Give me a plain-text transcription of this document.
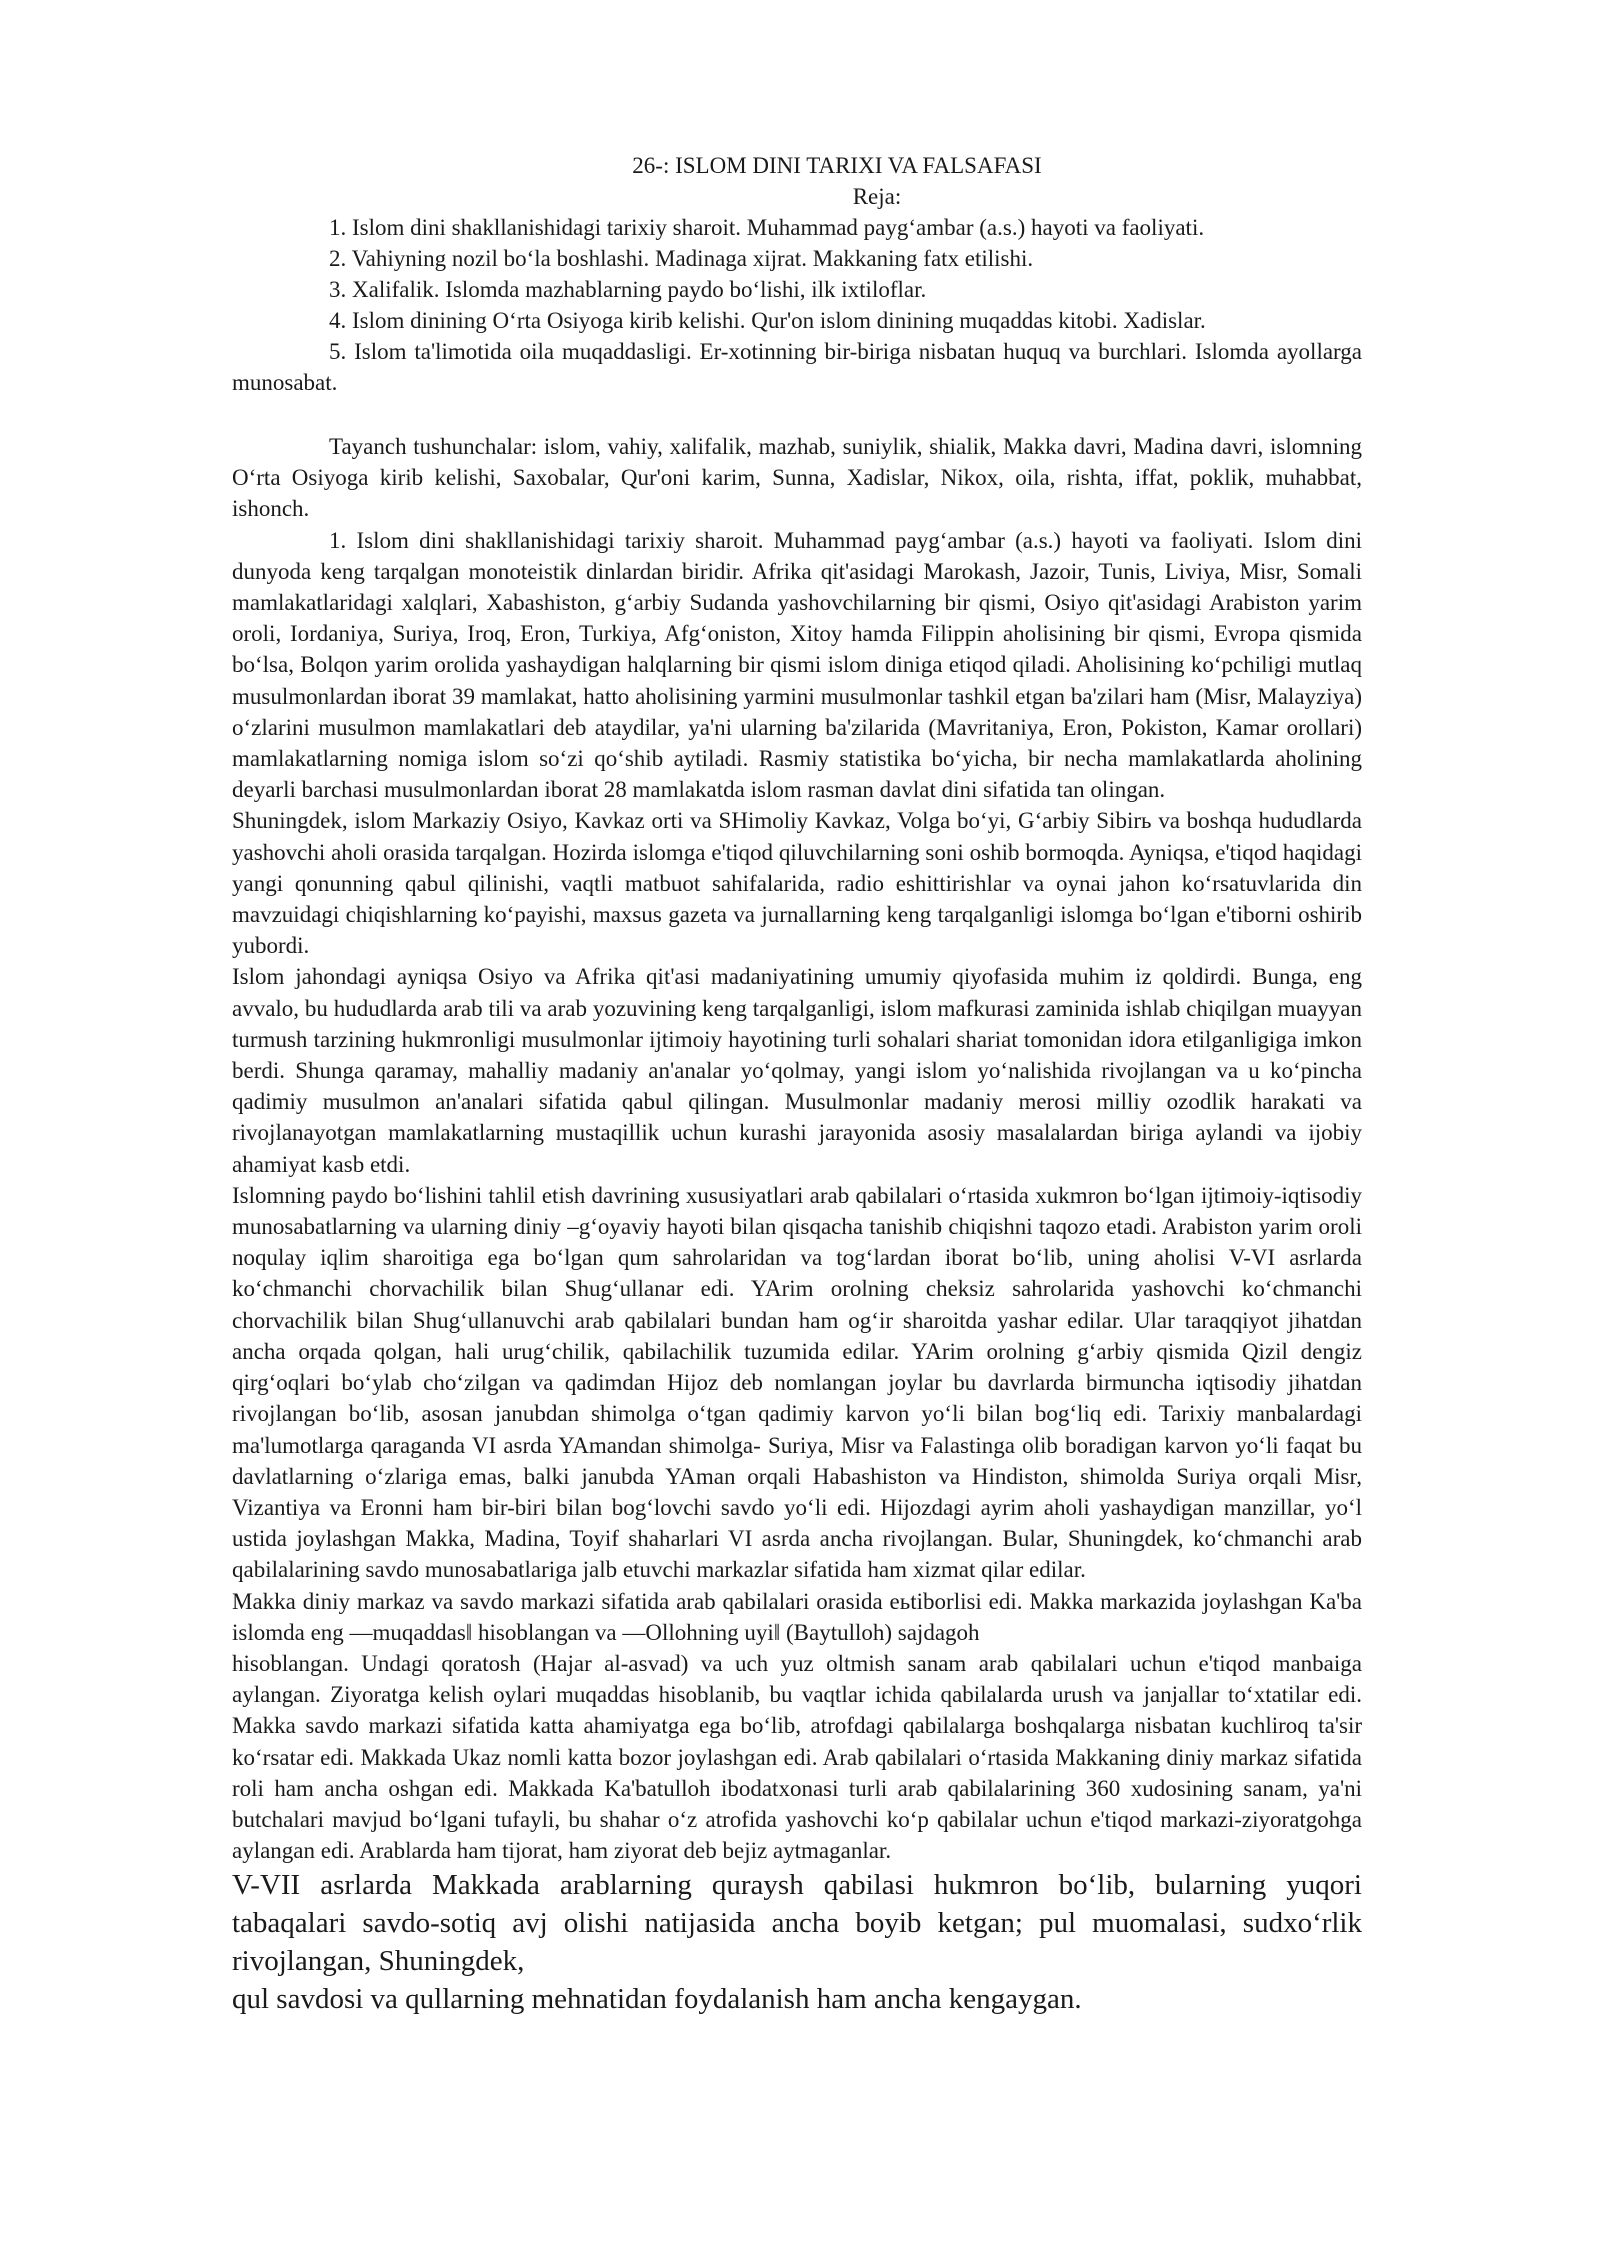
26-: ISLOM DINI TARIXI VA FALSAFASI

Reja:

1. Islom dini shakllanishidagi tarixiy sharoit. Muhammad payg‘ambar (a.s.) hayoti va faoliyati.

2. Vahiyning nozil bo‘la boshlashi. Madinaga xijrat. Makkaning fatx etilishi.

3. Xalifalik. Islomda mazhablarning paydo bo‘lishi, ilk ixtiloflar.

4. Islom dinining O‘rta Osiyoga kirib kelishi. Qur'on islom dinining muqaddas kitobi. Xadislar.

5. Islom ta'limotida oila muqaddasligi. Er-xotinning bir-biriga nisbatan huquq va burchlari. Islomda ayollarga munosabat.

Tayanch tushunchalar: islom, vahiy, xalifalik, mazhab, suniylik, shialik, Makka davri, Madina davri, islomning O‘rta Osiyoga kirib kelishi, Saxobalar, Qur'oni karim, Sunna, Xadislar, Nikox, oila, rishta, iffat, poklik, muhabbat, ishonch.

1. Islom dini shakllanishidagi tarixiy sharoit. Muhammad payg‘ambar (a.s.) hayoti va faoliyati. Islom dini dunyoda keng tarqalgan monoteistik dinlardan biridir. Afrika qit'asidagi Marokash, Jazoir, Tunis, Liviya, Misr, Somali mamlakatlaridagi xalqlari, Xabashiston, g‘arbiy Sudanda yashovchilarning bir qismi, Osiyo qit'asidagi Arabiston yarim oroli, Iordaniya, Suriya, Iroq, Eron, Turkiya, Afg‘oniston, Xitoy hamda Filippin aholisining bir qismi, Evropa qismida bo‘lsa, Bolqon yarim orolida yashaydigan halqlarning bir qismi islom diniga etiqod qiladi. Aholisining ko‘pchiligi mutlaq musulmonlardan iborat 39 mamlakat, hatto aholisining yarmini musulmonlar tashkil etgan ba'zilari ham (Misr, Malayziya) o‘zlarini musulmon mamlakatlari deb ataydilar, ya'ni ularning ba'zilarida (Mavritaniya, Eron, Pokiston, Kamar orollari) mamlakatlarning nomiga islom so‘zi qo‘shib aytiladi. Rasmiy statistika bo‘yicha, bir necha mamlakatlarda aholining deyarli barchasi musulmonlardan iborat 28 mamlakatda islom rasman davlat dini sifatida tan olingan.

Shuningdek, islom Markaziy Osiyo, Kavkaz orti va SHimoliy Kavkaz, Volga bo‘yi, G‘arbiy Sibirь va boshqa hududlarda yashovchi aholi orasida tarqalgan. Hozirda islomga e'tiqod qiluvchilarning soni oshib bormoqda. Ayniqsa, e'tiqod haqidagi yangi qonunning qabul qilinishi, vaqtli matbuot sahifalarida, radio eshittirishlar va oynai jahon ko‘rsatuvlarida din mavzuidagi chiqishlarning ko‘payishi, maxsus gazeta va jurnallarning keng tarqalganligi islomga bo‘lgan e'tiborni oshirib yubordi.

Islom jahondagi ayniqsa Osiyo va Afrika qit'asi madaniyatining umumiy qiyofasida muhim iz qoldirdi. Bunga, eng avvalo, bu hududlarda arab tili va arab yozuvining keng tarqalganligi, islom mafkurasi zaminida ishlab chiqilgan muayyan turmush tarzining hukmronligi musulmonlar ijtimoiy hayotining turli sohalari shariat tomonidan idora etilganligiga imkon berdi. Shunga qaramay, mahalliy madaniy an'analar yo‘qolmay, yangi islom yo‘nalishida rivojlangan va u ko‘pincha qadimiy musulmon an'analari sifatida qabul qilingan. Musulmonlar madaniy merosi milliy ozodlik harakati va rivojlanayotgan mamlakatlarning mustaqillik uchun kurashi jarayonida asosiy masalalardan biriga aylandi va ijobiy ahamiyat kasb etdi.

Islomning paydo bo‘lishini tahlil etish davrining xususiyatlari arab qabilalari o‘rtasida xukmron bo‘lgan ijtimoiy-iqtisodiy munosabatlarning va ularning diniy –g‘oyaviy hayoti bilan qisqacha tanishib chiqishni taqozo etadi. Arabiston yarim oroli noqulay iqlim sharoitiga ega bo‘lgan qum sahrolaridan va tog‘lardan iborat bo‘lib, uning aholisi V-VI asrlarda ko‘chmanchi chorvachilik bilan Shug‘ullanar edi. YArim orolning cheksiz sahrolarida yashovchi ko‘chmanchi chorvachilik bilan Shug‘ullanuvchi arab qabilalari bundan ham og‘ir sharoitda yashar edilar. Ular taraqqiyot jihatdan ancha orqada qolgan, hali urug‘chilik, qabilachilik tuzumida edilar. YArim orolning g‘arbiy qismida Qizil dengiz qirg‘oqlari bo‘ylab cho‘zilgan va qadimdan Hijoz deb nomlangan joylar bu davrlarda birmuncha iqtisodiy jihatdan rivojlangan bo‘lib, asosan janubdan shimolga o‘tgan qadimiy karvon yo‘li bilan bog‘liq edi. Tarixiy manbalardagi ma'lumotlarga qaraganda VI asrda YAmandan shimolga- Suriya, Misr va Falastinga olib boradigan karvon yo‘li faqat bu davlatlarning o‘zlariga emas, balki janubda YAman orqali Habashiston va Hindiston, shimolda Suriya orqali Misr, Vizantiya va Eronni ham bir-biri bilan bog‘lovchi savdo yo‘li edi. Hijozdagi ayrim aholi yashaydigan manzillar, yo‘l ustida joylashgan Makka, Madina, Toyif shaharlari VI asrda ancha rivojlangan. Bular, Shuningdek, ko‘chmanchi arab qabilalarining savdo munosabatlariga jalb etuvchi markazlar sifatida ham xizmat qilar edilar.

Makka diniy markaz va savdo markazi sifatida arab qabilalari orasida eьtiborlisi edi. Makka markazida joylashgan Ka'ba islomda eng ―muqaddas‖ hisoblangan va ―Ollohning uyi‖ (Baytulloh) sajdagoh

hisoblangan. Undagi qoratosh (Hajar al-asvad) va uch yuz oltmish sanam arab qabilalari uchun e'tiqod manbaiga aylangan. Ziyoratga kelish oylari muqaddas hisoblanib, bu vaqtlar ichida qabilalarda urush va janjallar to‘xtatilar edi. Makka savdo markazi sifatida katta ahamiyatga ega bo‘lib, atrofdagi qabilalarga boshqalarga nisbatan kuchliroq ta'sir ko‘rsatar edi. Makkada Ukaz nomli katta bozor joylashgan edi. Arab qabilalari o‘rtasida Makkaning diniy markaz sifatida roli ham ancha oshgan edi. Makkada Ka'batulloh ibodatxonasi turli arab qabilalarining 360 xudosining sanam, ya'ni butchalari mavjud bo‘lgani tufayli, bu shahar o‘z atrofida yashovchi ko‘p qabilalar uchun e'tiqod markazi-ziyoratgohga aylangan edi. Arablarda ham tijorat, ham ziyorat deb bejiz aytmaganlar.

V-VII asrlarda Makkada arablarning quraysh qabilasi hukmron bo‘lib, bularning yuqori tabaqalari savdo-sotiq avj olishi natijasida ancha boyib ketgan; pul muomalasi, sudxo‘rlik rivojlangan, Shuningdek,

qul savdosi va qullarning mehnatidan foydalanish ham ancha kengaygan.
